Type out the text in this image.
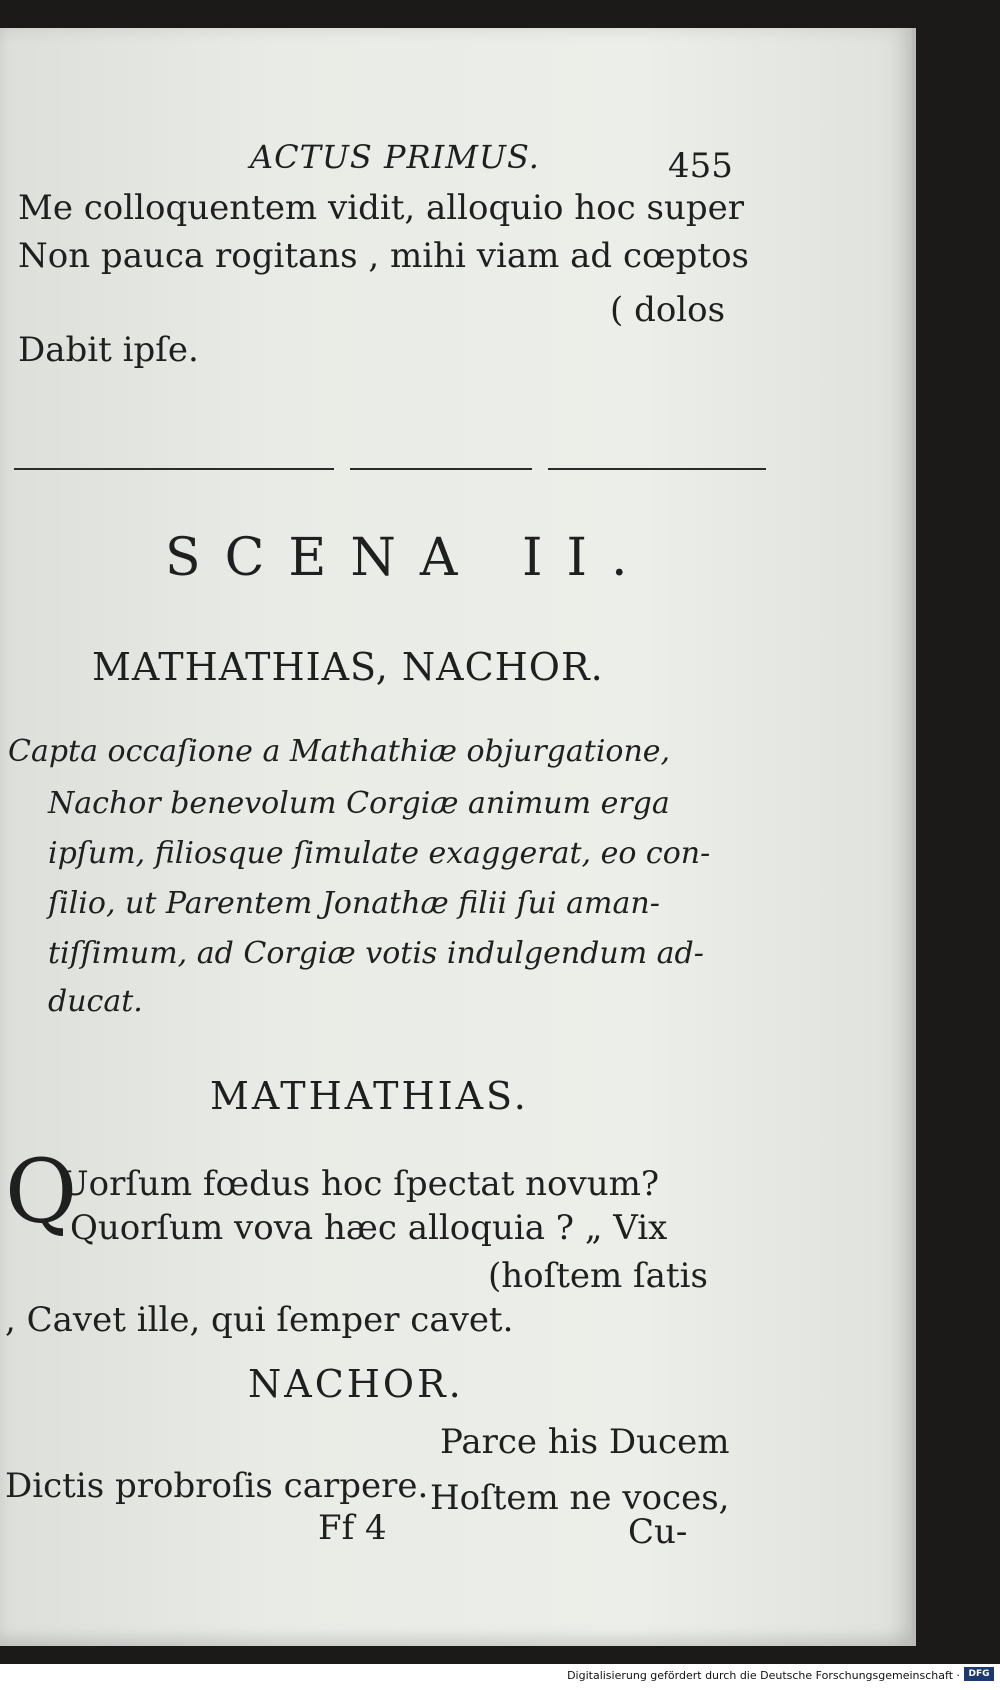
ACTUS PRIMUS.	455
Me colloquentem vidit, alloquio hoc super
Non pauca rogitans , mihi viam ad cœptos
( dolos
Dabit ipſe.
SCENA II.
MATHATHIAS, NACHOR.
Capta occaſione a Mathathiæ objurgatione,
Nachor benevolum Corgiæ animum erga
ipſum, filiosque ſimulate exaggerat, eo con-
ſilio, ut Parentem Jonathæ filii ſui aman-
tiſſimum, ad Corgiæ votis indulgendum ad-
ducat.
MATHATHIAS.
Q
Uorſum fœdus hoc ſpectat novum?
Quorſum vova hæc alloquia ? „ Vix
(hoſtem ſatis
, Cavet ille, qui ſemper cavet.
NACHOR.
Parce his Ducem
Dictis probroſis carpere. Hoſtem ne voces,
Ff 4	Cu-
Digitalisierung gefördert durch die Deutsche Forschungsgemeinschaft · DFG
